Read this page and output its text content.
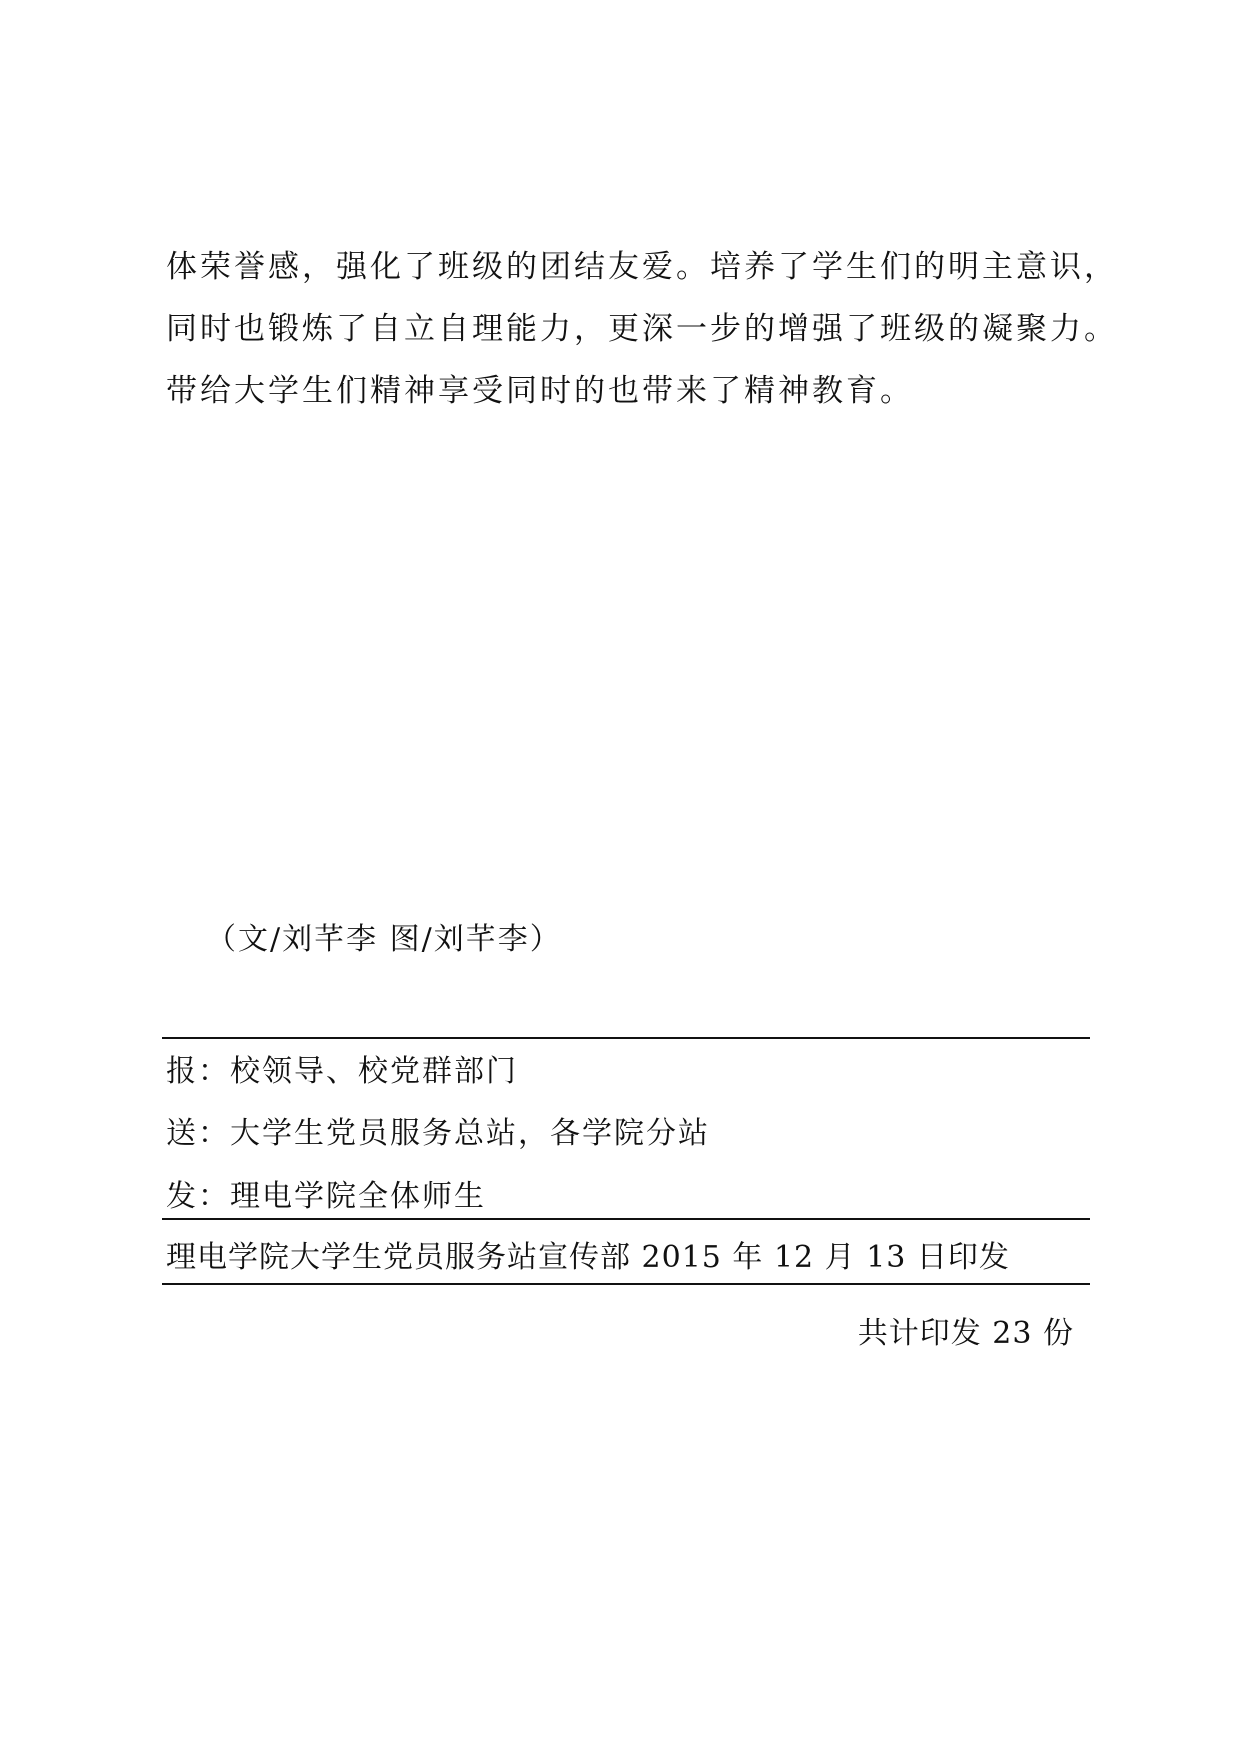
体荣誉感，强化了班级的团结友爱。培养了学生们的明主意识，
同时也锻炼了自立自理能力，更深一步的增强了班级的凝聚力。
带给大学生们精神享受同时的也带来了精神教育。
（文/刘芊李 图/刘芊李）
报：校领导、校党群部门
送：大学生党员服务总站，各学院分站
发：理电学院全体师生
理电学院大学生党员服务站宣传部 2015 年 12 月 13 日印发
共计印发 23 份
